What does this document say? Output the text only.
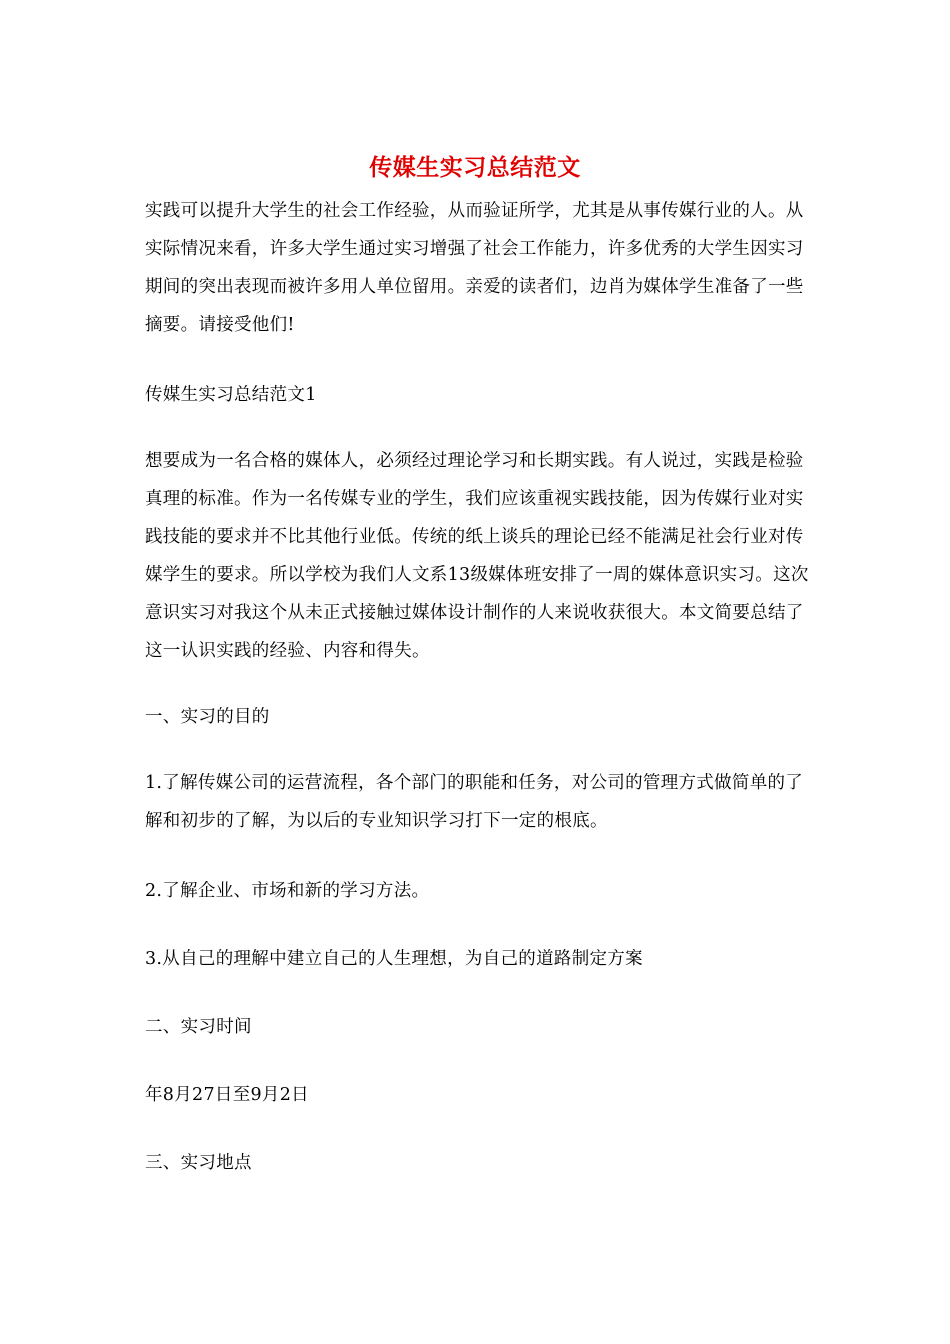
传媒生实习总结范文
实践可以提升大学生的社会工作经验，从而验证所学，尤其是从事传媒行业的人。从实际情况来看，许多大学生通过实习增强了社会工作能力，许多优秀的大学生因实习期间的突出表现而被许多用人单位留用。亲爱的读者们，边肖为媒体学生准备了一些摘要。请接受他们!
传媒生实习总结范文1
想要成为一名合格的媒体人，必须经过理论学习和长期实践。有人说过，实践是检验真理的标准。作为一名传媒专业的学生，我们应该重视实践技能，因为传媒行业对实践技能的要求并不比其他行业低。传统的纸上谈兵的理论已经不能满足社会行业对传媒学生的要求。所以学校为我们人文系13级媒体班安排了一周的媒体意识实习。这次意识实习对我这个从未正式接触过媒体设计制作的人来说收获很大。本文简要总结了这一认识实践的经验、内容和得失。
一、实习的目的
1.了解传媒公司的运营流程，各个部门的职能和任务，对公司的管理方式做简单的了解和初步的了解，为以后的专业知识学习打下一定的根底。
2.了解企业、市场和新的学习方法。
3.从自己的理解中建立自己的人生理想，为自己的道路制定方案
二、实习时间
年8月27日至9月2日
三、实习地点
